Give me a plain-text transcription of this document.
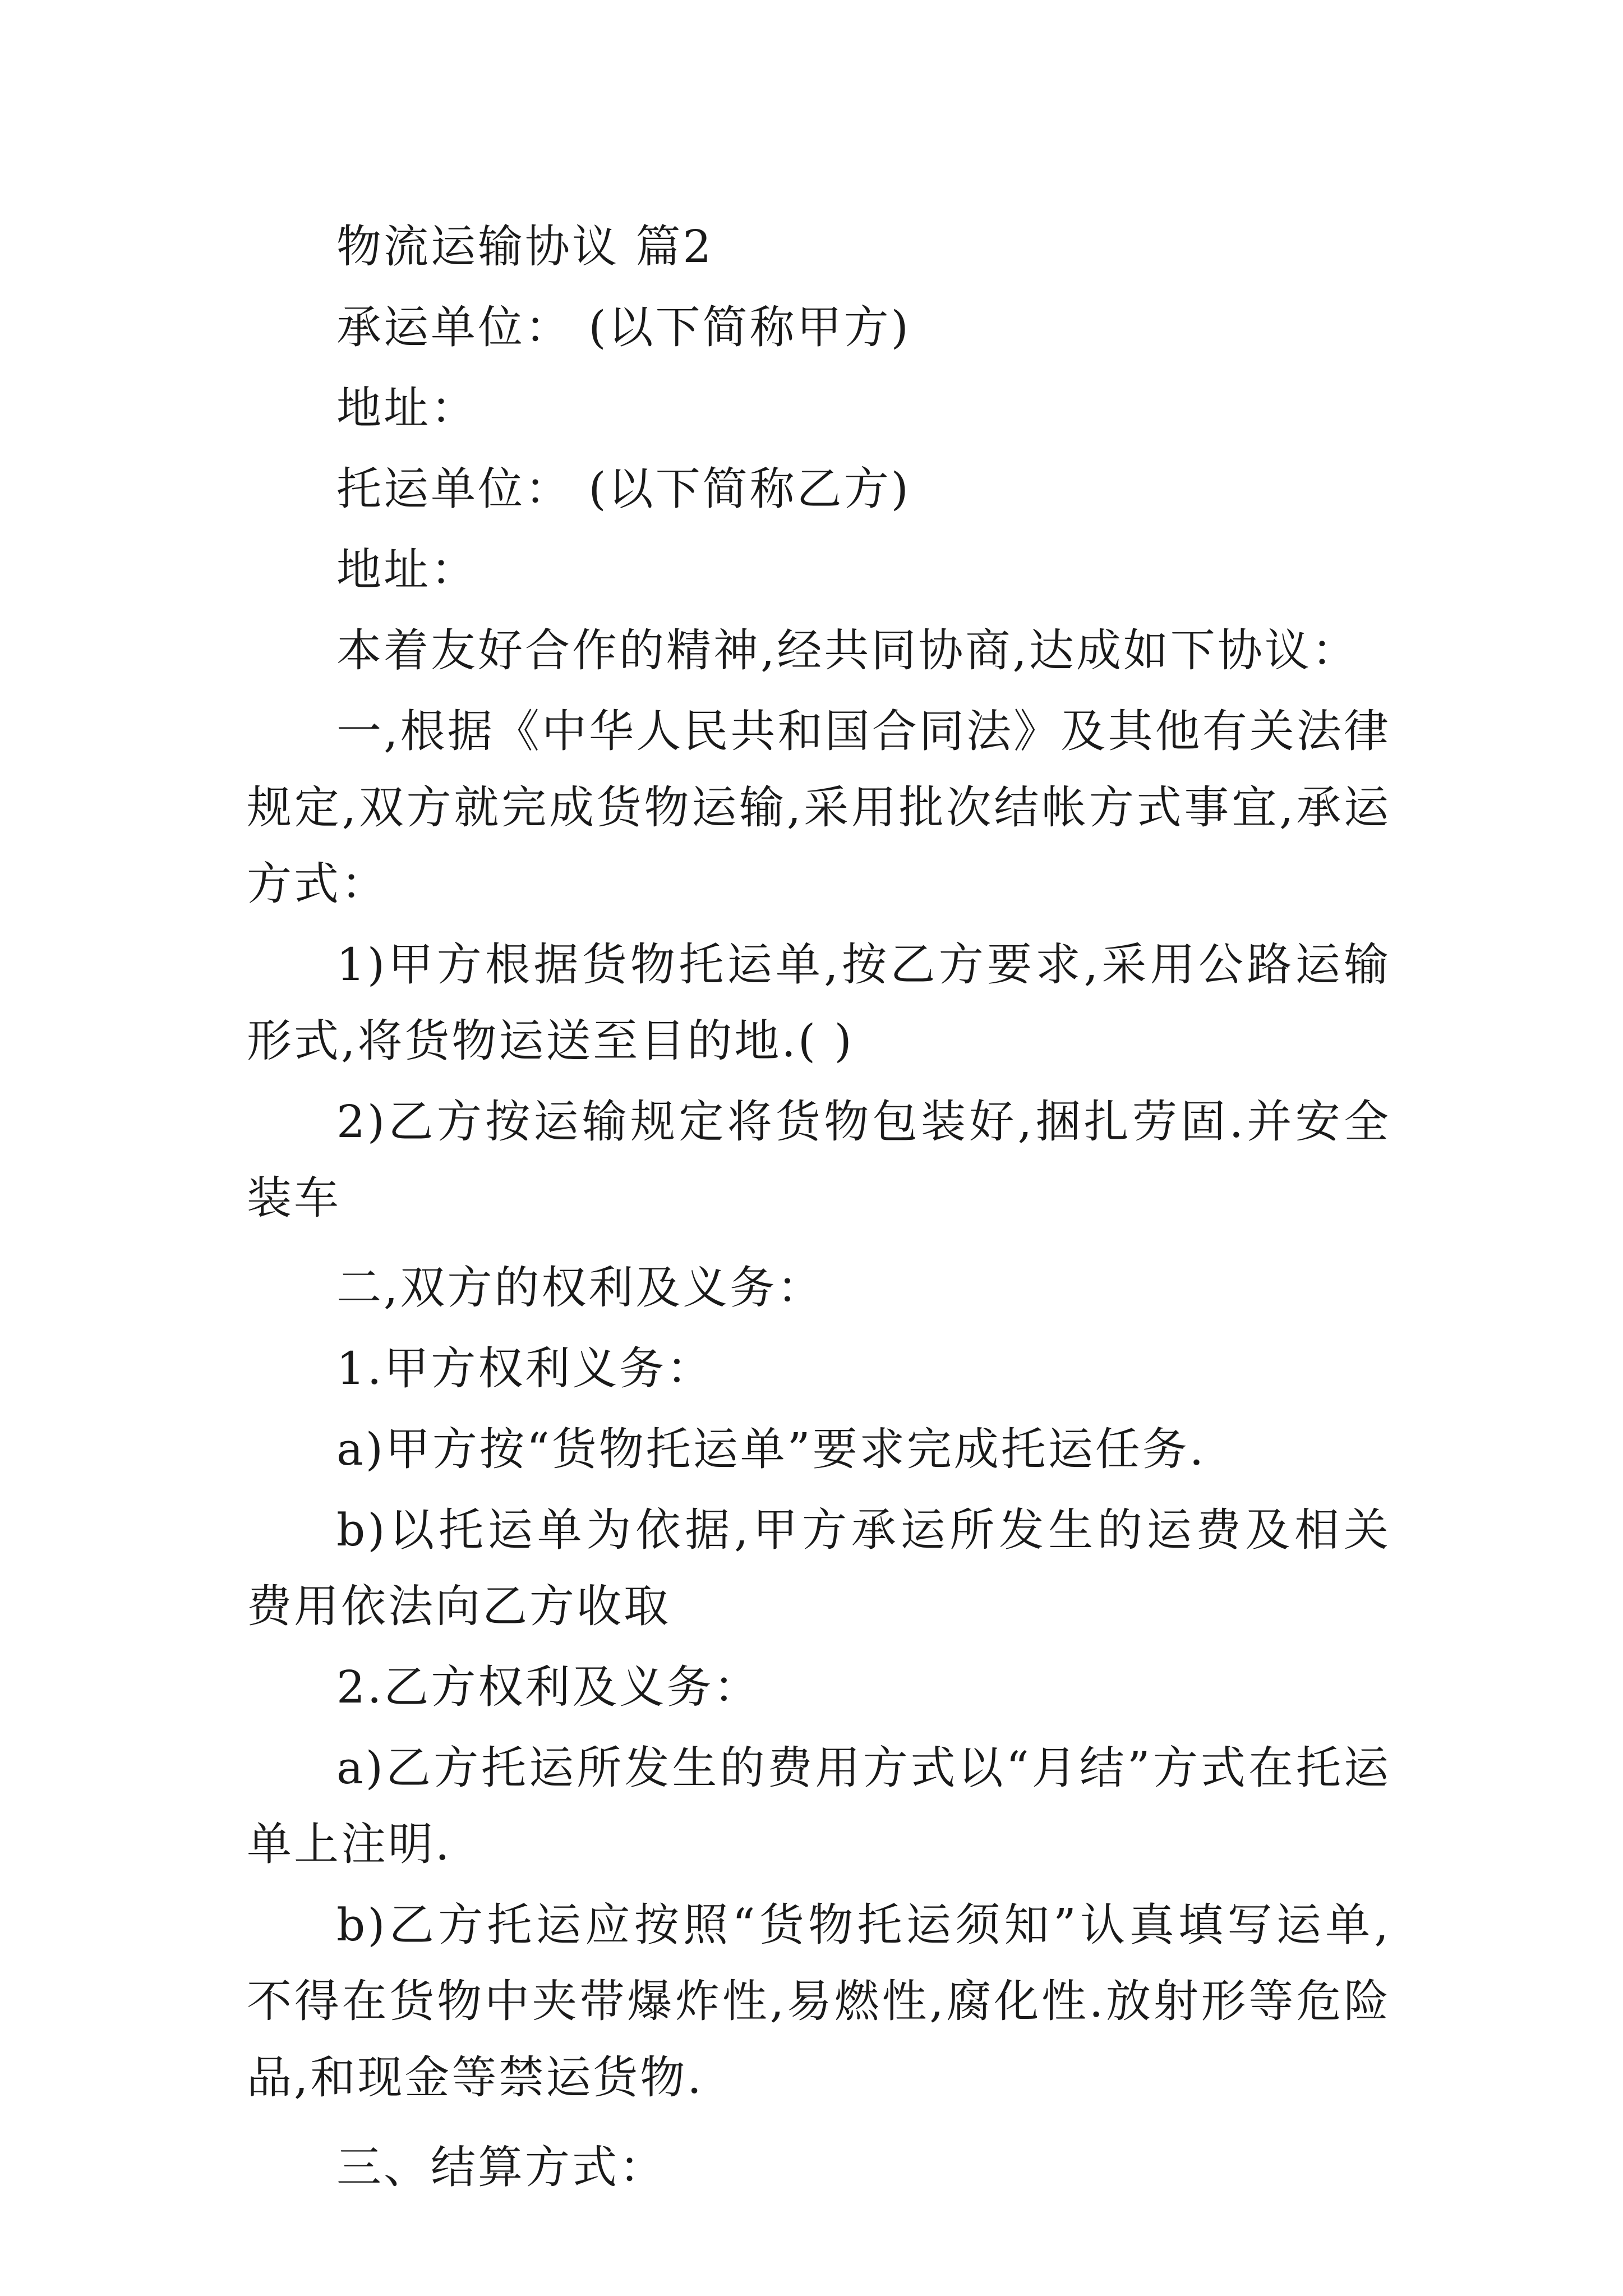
物流运输协议 篇2

承运单位： (以下简称甲方)

地址：

托运单位： (以下简称乙方)

地址：

本着友好合作的精神,经共同协商,达成如下协议：

一,根据《中华人民共和国合同法》及其他有关法律规定,双方就完成货物运输,采用批次结帐方式事宜,承运方式：

1)甲方根据货物托运单,按乙方要求,采用公路运输形式,将货物运送至目的地.( )

2)乙方按运输规定将货物包装好,捆扎劳固.并安全装车

二,双方的权利及义务：

1.甲方权利义务：

a)甲方按“货物托运单”要求完成托运任务.

b)以托运单为依据,甲方承运所发生的运费及相关费用依法向乙方收取

2.乙方权利及义务：

a)乙方托运所发生的费用方式以“月结”方式在托运单上注明.

b)乙方托运应按照“货物托运须知”认真填写运单,不得在货物中夹带爆炸性,易燃性,腐化性.放射形等危险品,和现金等禁运货物.

三、结算方式：
